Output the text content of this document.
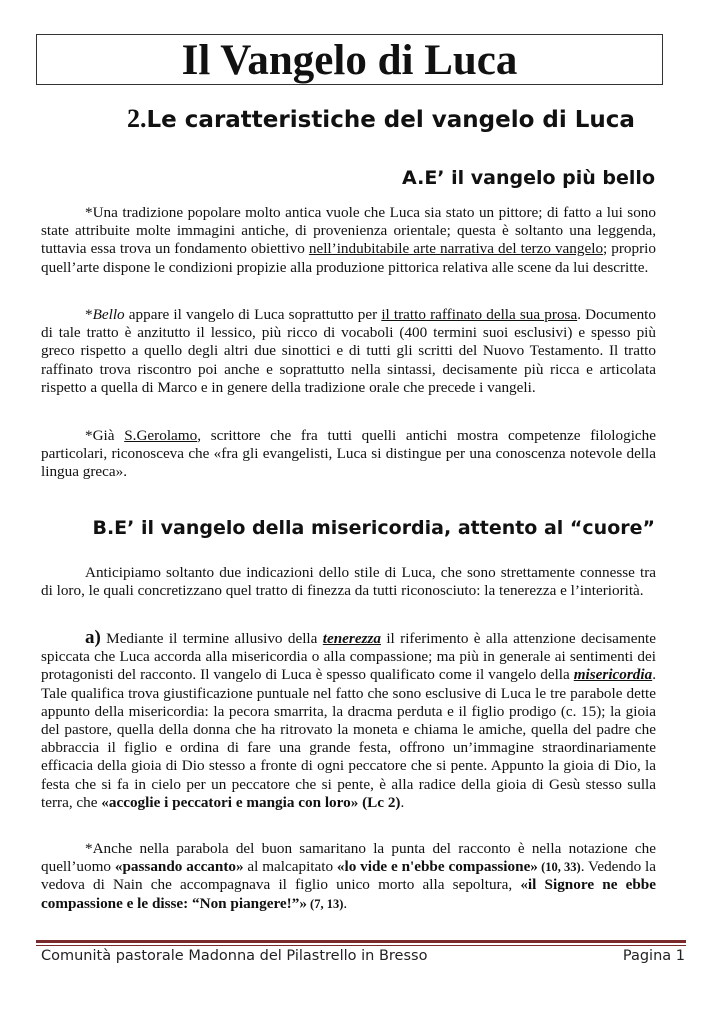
Il Vangelo di Luca
2.Le caratteristiche del vangelo di Luca
A.E’ il vangelo più bello

*Una tradizione popolare molto antica vuole che Luca sia stato un pittore; di fatto a lui sono state attribuite molte immagini antiche, di provenienza orientale; questa è soltanto una leggenda, tuttavia essa trova un fondamento obiettivo nell’indubitabile arte narrativa del terzo vangelo; proprio quell’arte dispone le condizioni propizie alla produzione pittorica relativa alle scene da lui descritte.

*Bello appare il vangelo di Luca soprattutto per il tratto raffinato della sua prosa. Documento di tale tratto è anzitutto il lessico, più ricco di vocaboli (400 termini suoi esclusivi) e spesso più greco rispetto a quello degli altri due sinottici e di tutti gli scritti del Nuovo Testamento. Il tratto raffinato trova riscontro poi anche e soprattutto nella sintassi, decisamente più ricca e articolata rispetto a quella di Marco e in genere della tradizione orale che precede i vangeli.

*Già S.Gerolamo, scrittore che fra tutti quelli antichi mostra competenze filologiche particolari, riconosceva che «fra gli evangelisti, Luca si distingue per una conoscenza notevole della lingua greca».

B.E’ il vangelo della misericordia, attento al “cuore”

Anticipiamo soltanto due indicazioni dello stile di Luca, che sono strettamente connesse tra di loro, le quali concretizzano quel tratto di finezza da tutti riconosciuto: la tenerezza e l’interiorità.

a) Mediante il termine allusivo della tenerezza il riferimento è alla attenzione decisamente spiccata che Luca accorda alla misericordia o alla compassione; ma più in generale ai sentimenti dei protagonisti del racconto. Il vangelo di Luca è spesso qualificato come il vangelo della misericordia. Tale qualifica trova giustificazione puntuale nel fatto che sono esclusive di Luca le tre parabole dette appunto della misericordia: la pecora smarrita, la dracma perduta e il figlio prodigo (c. 15); la gioia del pastore, quella della donna che ha ritrovato la moneta e chiama le amiche, quella del padre che abbraccia il figlio e ordina di fare una grande festa, offrono un’immagine straordinariamente efficacia della gioia di Dio stesso a fronte di ogni peccatore che si pente. Appunto la gioia di Dio, la festa che si fa in cielo per un peccatore che si pente, è alla radice della gioia di Gesù stesso sulla terra, che «accoglie i peccatori e mangia con loro» (Lc 2).

*Anche nella parabola del buon samaritano la punta del racconto è nella notazione che quell’uomo «passando accanto» al malcapitato «lo vide e n'ebbe compassione» (10, 33). Vedendo la vedova di Nain che accompagnava il figlio unico morto alla sepoltura, «il Signore ne ebbe compassione e le disse: “Non piangere!”» (7, 13).

Comunità pastorale Madonna del Pilastrello in Bresso	Pagina 1
